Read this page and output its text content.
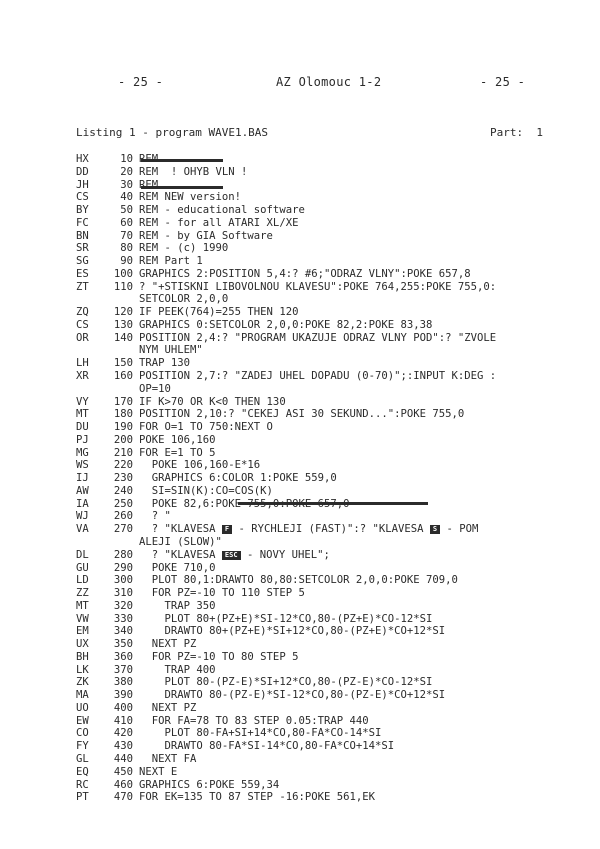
- 25 -	AZ Olomouc 1-2	- 25 -
Listing 1 - program WAVE1.BAS	Part:  1
HX	10 REM
DD	20 REM  ! OHYB VLN !
JH	30 REM
CS	40 REM NEW version!
BY	50 REM - educational software
FC	60 REM - for all ATARI XL/XE
BN	70 REM - by GIA Software
SR	80 REM - (c) 1990
SG	90 REM Part 1
ES	100 GRAPHICS 2:POSITION 5,4:? #6;"ODRAZ VLNY":POKE 657,8
ZT	110 ? "+STISKNI LIBOVOLNOU KLAVESU":POKE 764,255:POKE 755,0:
SETCOLOR 2,0,0
ZQ	120 IF PEEK(764)=255 THEN 120
CS	130 GRAPHICS 0:SETCOLOR 2,0,0:POKE 82,2:POKE 83,38
OR	140 POSITION 2,4:? "PROGRAM UKAZUJE ODRAZ VLNY POD":? "ZVOLE
NYM UHLEM"
LH	150 TRAP 130
XR	160 POSITION 2,7:? "ZADEJ UHEL DOPADU (0-70)";:INPUT K:DEG :
OP=10
VY	170 IF K>70 OR K<0 THEN 130
MT	180 POSITION 2,10:? "CEKEJ ASI 30 SEKUND...":POKE 755,0
DU	190 FOR O=1 TO 750:NEXT O
PJ	200 POKE 106,160
MG	210 FOR E=1 TO 5
WS	220 POKE 106,160-E*16
IJ	230 GRAPHICS 6:COLOR 1:POKE 559,0
AW	240 SI=SIN(K):CO=COS(K)
IA	250 POKE 82,6:POKE 755,0:POKE 657,0
WJ	260 ? "
VA	270 ? "KLAVESA F - RYCHLEJI (FAST)":? "KLAVESA S - POM
ALEJI (SLOW)"
DL	280 ? "KLAVESA ESC - NOVY UHEL";
GU	290 POKE 710,0
LD	300 PLOT 80,1:DRAWTO 80,80:SETCOLOR 2,0,0:POKE 709,0
ZZ	310 FOR PZ=-10 TO 110 STEP 5
MT	320 TRAP 350
VW	330 PLOT 80+(PZ+E)*SI-12*CO,80-(PZ+E)*CO-12*SI
EM	340 DRAWTO 80+(PZ+E)*SI+12*CO,80-(PZ+E)*CO+12*SI
UX	350 NEXT PZ
BH	360 FOR PZ=-10 TO 80 STEP 5
LK	370 TRAP 400
ZK	380 PLOT 80-(PZ-E)*SI+12*CO,80-(PZ-E)*CO-12*SI
MA	390 DRAWTO 80-(PZ-E)*SI-12*CO,80-(PZ-E)*CO+12*SI
UO	400 NEXT PZ
EW	410 FOR FA=78 TO 83 STEP 0.05:TRAP 440
CO	420 PLOT 80-FA+SI+14*CO,80-FA*CO-14*SI
FY	430 DRAWTO 80-FA*SI-14*CO,80-FA*CO+14*SI
GL	440 NEXT FA
EQ	450 NEXT E
RC	460 GRAPHICS 6:POKE 559,34
PT	470 FOR EK=135 TO 87 STEP -16:POKE 561,EK
